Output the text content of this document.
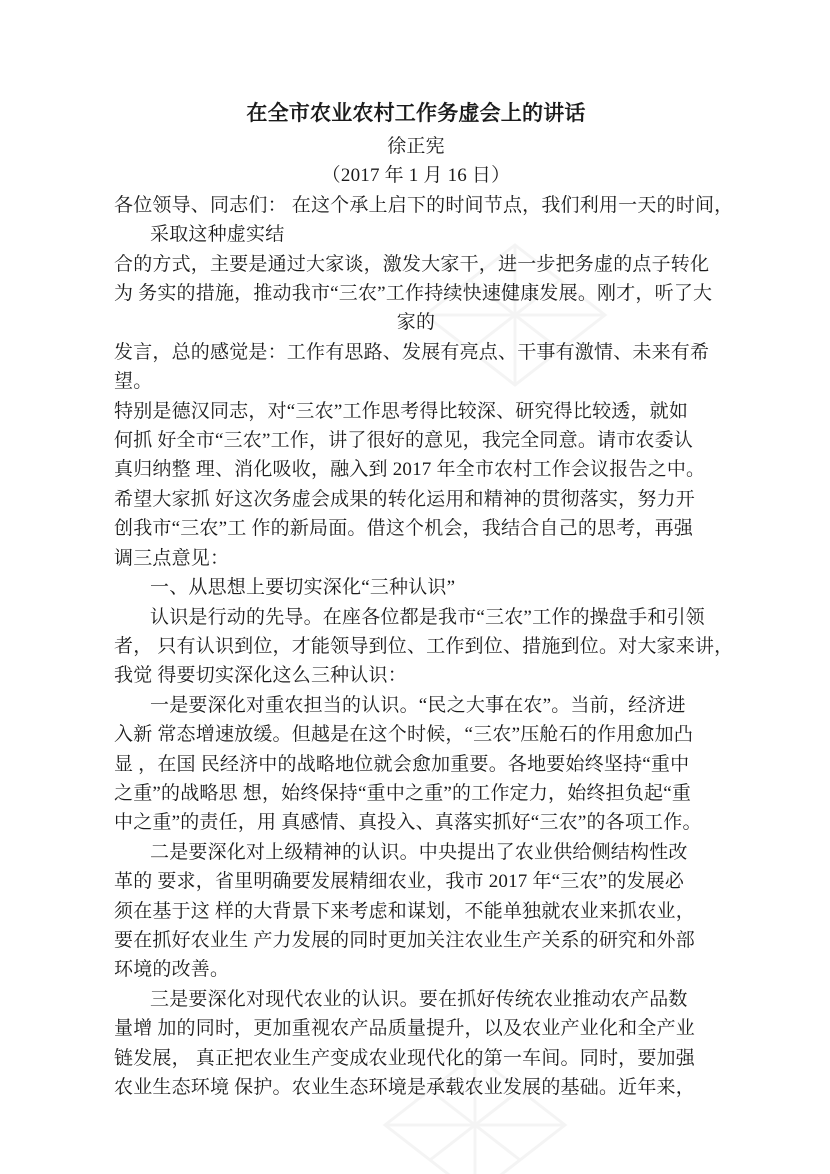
在全市农业农村工作务虚会上的讲话
徐正宪
（2017 年 1 月 16 日）
各位领导、同志们： 在这个承上启下的时间节点，我们利用一天的时间，
采取这种虚实结
合的方式，主要是通过大家谈，激发大家干，进一步把务虚的点子转化
为 务实的措施，推动我市“三农”工作持续快速健康发展。刚才，听了大
家的
发言，总的感觉是：工作有思路、发展有亮点、干事有激情、未来有希
望。
特别是德汉同志，对“三农”工作思考得比较深、研究得比较透，就如
何抓 好全市“三农”工作，讲了很好的意见，我完全同意。请市农委认
真归纳整 理、消化吸收，融入到 2017 年全市农村工作会议报告之中。
希望大家抓 好这次务虚会成果的转化运用和精神的贯彻落实，努力开
创我市“三农”工 作的新局面。借这个机会，我结合自己的思考，再强
调三点意见：
一、从思想上要切实深化“三种认识”
认识是行动的先导。在座各位都是我市“三农”工作的操盘手和引领
者， 只有认识到位，才能领导到位、工作到位、措施到位。对大家来讲，
我觉 得要切实深化这么三种认识：
一是要深化对重农担当的认识。“民之大事在农”。当前，经济进
入新 常态增速放缓。但越是在这个时候，“三农”压舱石的作用愈加凸
显 ，在国 民经济中的战略地位就会愈加重要。各地要始终坚持“重中
之重”的战略思 想，始终保持“重中之重”的工作定力，始终担负起“重
中之重”的责任，用 真感情、真投入、真落实抓好“三农”的各项工作。
二是要深化对上级精神的认识。中央提出了农业供给侧结构性改
革的 要求，省里明确要发展精细农业，我市 2017 年“三农”的发展必
须在基于这 样的大背景下来考虑和谋划，不能单独就农业来抓农业，
要在抓好农业生 产力发展的同时更加关注农业生产关系的研究和外部
环境的改善。
三是要深化对现代农业的认识。要在抓好传统农业推动农产品数
量增 加的同时，更加重视农产品质量提升，以及农业产业化和全产业
链发展， 真正把农业生产变成农业现代化的第一车间。同时，要加强
农业生态环境 保护。农业生态环境是承载农业发展的基础。近年来，
